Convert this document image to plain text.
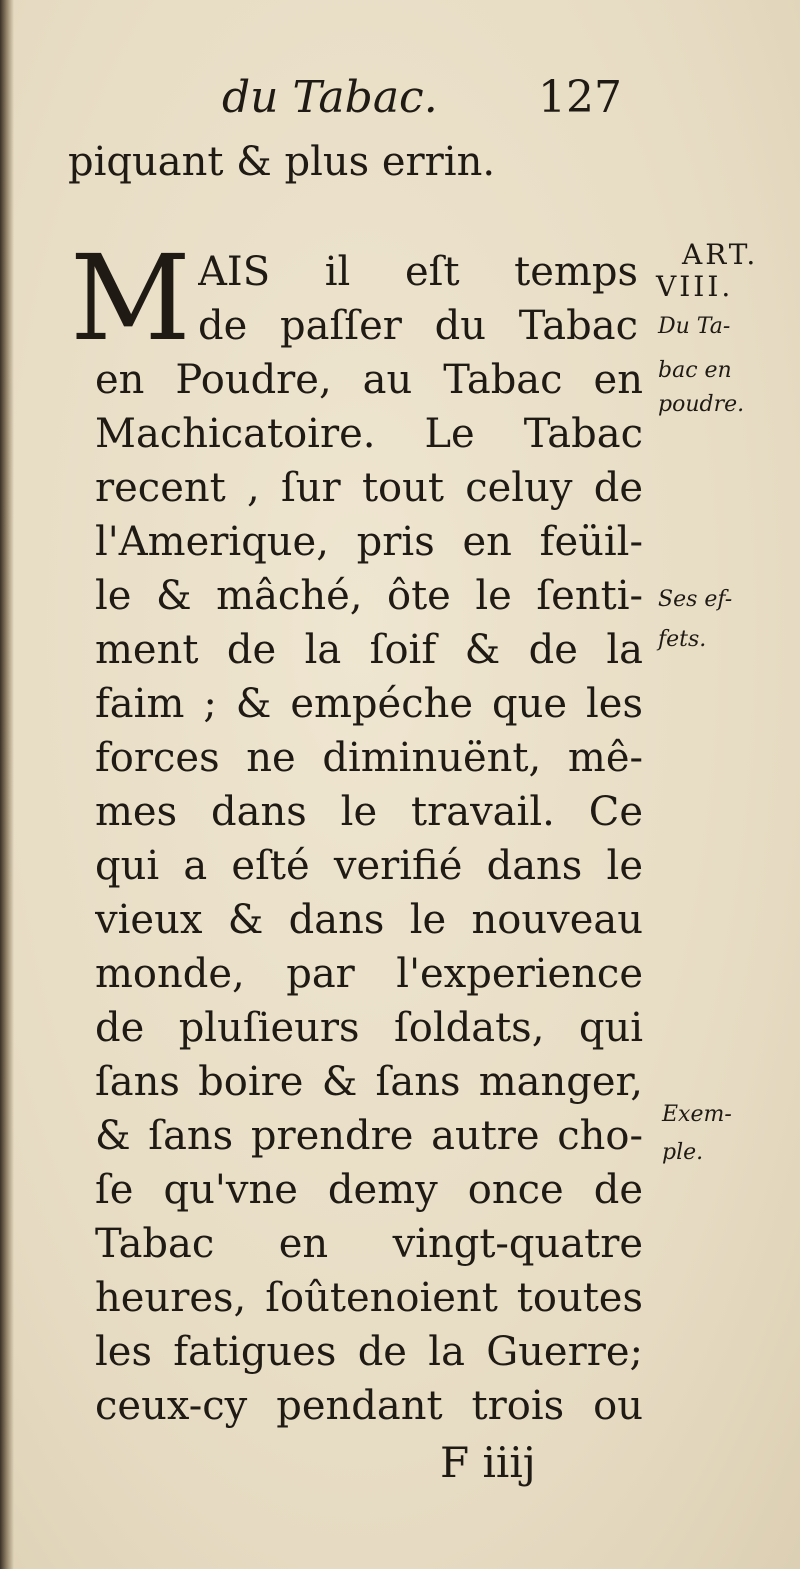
du Tabac. 127
piquant & plus errin.
M AIS il eſt temps
de paſſer du Tabac
en Poudre, au Tabac en
Machicatoire. Le Tabac
recent , ſur tout celuy de
l'Amerique, pris en feüil-
le & mâché, ôte le ſenti-
ment de la ſoif & de la
faim ; & empéche que les
forces ne diminuënt, mê-
mes dans le travail. Ce
qui a eſté verifié dans le
vieux & dans le nouveau
monde, par l'experience
de pluſieurs ſoldats, qui
ſans boire & ſans manger,
& ſans prendre autre cho-
ſe qu'vne demy once de
Tabac en vingt-quatre
heures, ſoûtenoient toutes
les fatigues de la Guerre;
ceux-cy pendant trois ou
ART.
VIII.
Du Ta-
bac en
poudre.
Ses ef-
fets.
Exem-
ple.
F iiij
